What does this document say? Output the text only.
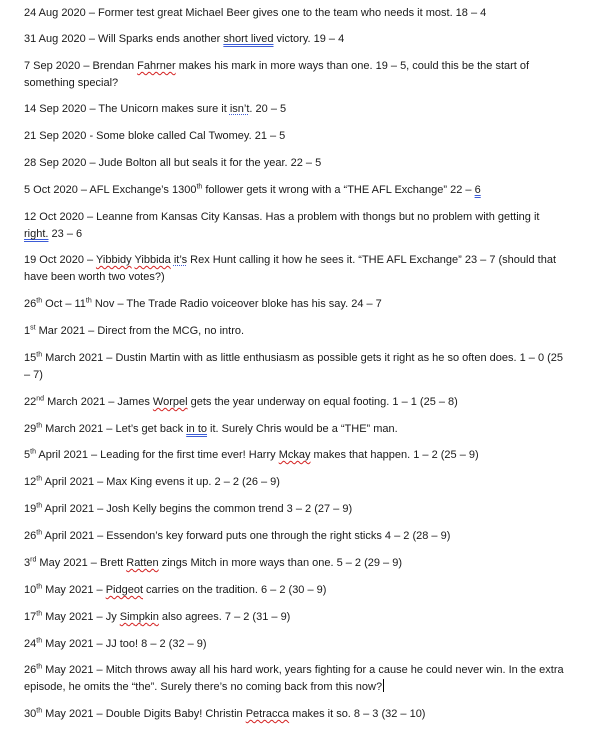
24 Aug 2020 – Former test great Michael Beer gives one to the team who needs it most. 18 – 4

31 Aug 2020 – Will Sparks ends another short lived victory. 19 – 4

7 Sep 2020 – Brendan Fahrner makes his mark in more ways than one. 19 – 5, could this be the start of something special?

14 Sep 2020 – The Unicorn makes sure it isn’t. 20 – 5

21 Sep 2020 - Some bloke called Cal Twomey. 21 – 5

28 Sep 2020 – Jude Bolton all but seals it for the year. 22 – 5

5 Oct 2020 – AFL Exchange’s 1300th follower gets it wrong with a “THE AFL Exchange” 22 – 6

12 Oct 2020 – Leanne from Kansas City Kansas. Has a problem with thongs but no problem with getting it right. 23 – 6

19 Oct 2020 – Yibbidy Yibbida it’s Rex Hunt calling it how he sees it. “THE AFL Exchange” 23 – 7 (should that have been worth two votes?)

26th Oct – 11th Nov – The Trade Radio voiceover bloke has his say. 24 – 7

1st Mar 2021 – Direct from the MCG, no intro.

15th March 2021 – Dustin Martin with as little enthusiasm as possible gets it right as he so often does. 1 – 0 (25 – 7)

22nd March 2021 – James Worpel gets the year underway on equal footing. 1 – 1 (25 – 8)

29th March 2021 – Let’s get back in to it. Surely Chris would be a “THE” man.

5th April 2021 – Leading for the first time ever! Harry Mckay makes that happen. 1 – 2 (25 – 9)

12th April 2021 – Max King evens it up. 2 – 2 (26 – 9)

19th April 2021 – Josh Kelly begins the common trend 3 – 2 (27 – 9)

26th April 2021 – Essendon’s key forward puts one through the right sticks 4 – 2 (28 – 9)

3rd May 2021 – Brett Ratten zings Mitch in more ways than one. 5 – 2 (29 – 9)

10th May 2021 – Pidgeot carries on the tradition. 6 – 2 (30 – 9)

17th May 2021 – Jy Simpkin also agrees. 7 – 2 (31 – 9)

24th May 2021 – JJ too! 8 – 2 (32 – 9)

26th May 2021 – Mitch throws away all his hard work, years fighting for a cause he could never win. In the extra episode, he omits the “the”. Surely there’s no coming back from this now?

30th May 2021 – Double Digits Baby! Christin Petracca makes it so. 8 – 3 (32 – 10)
